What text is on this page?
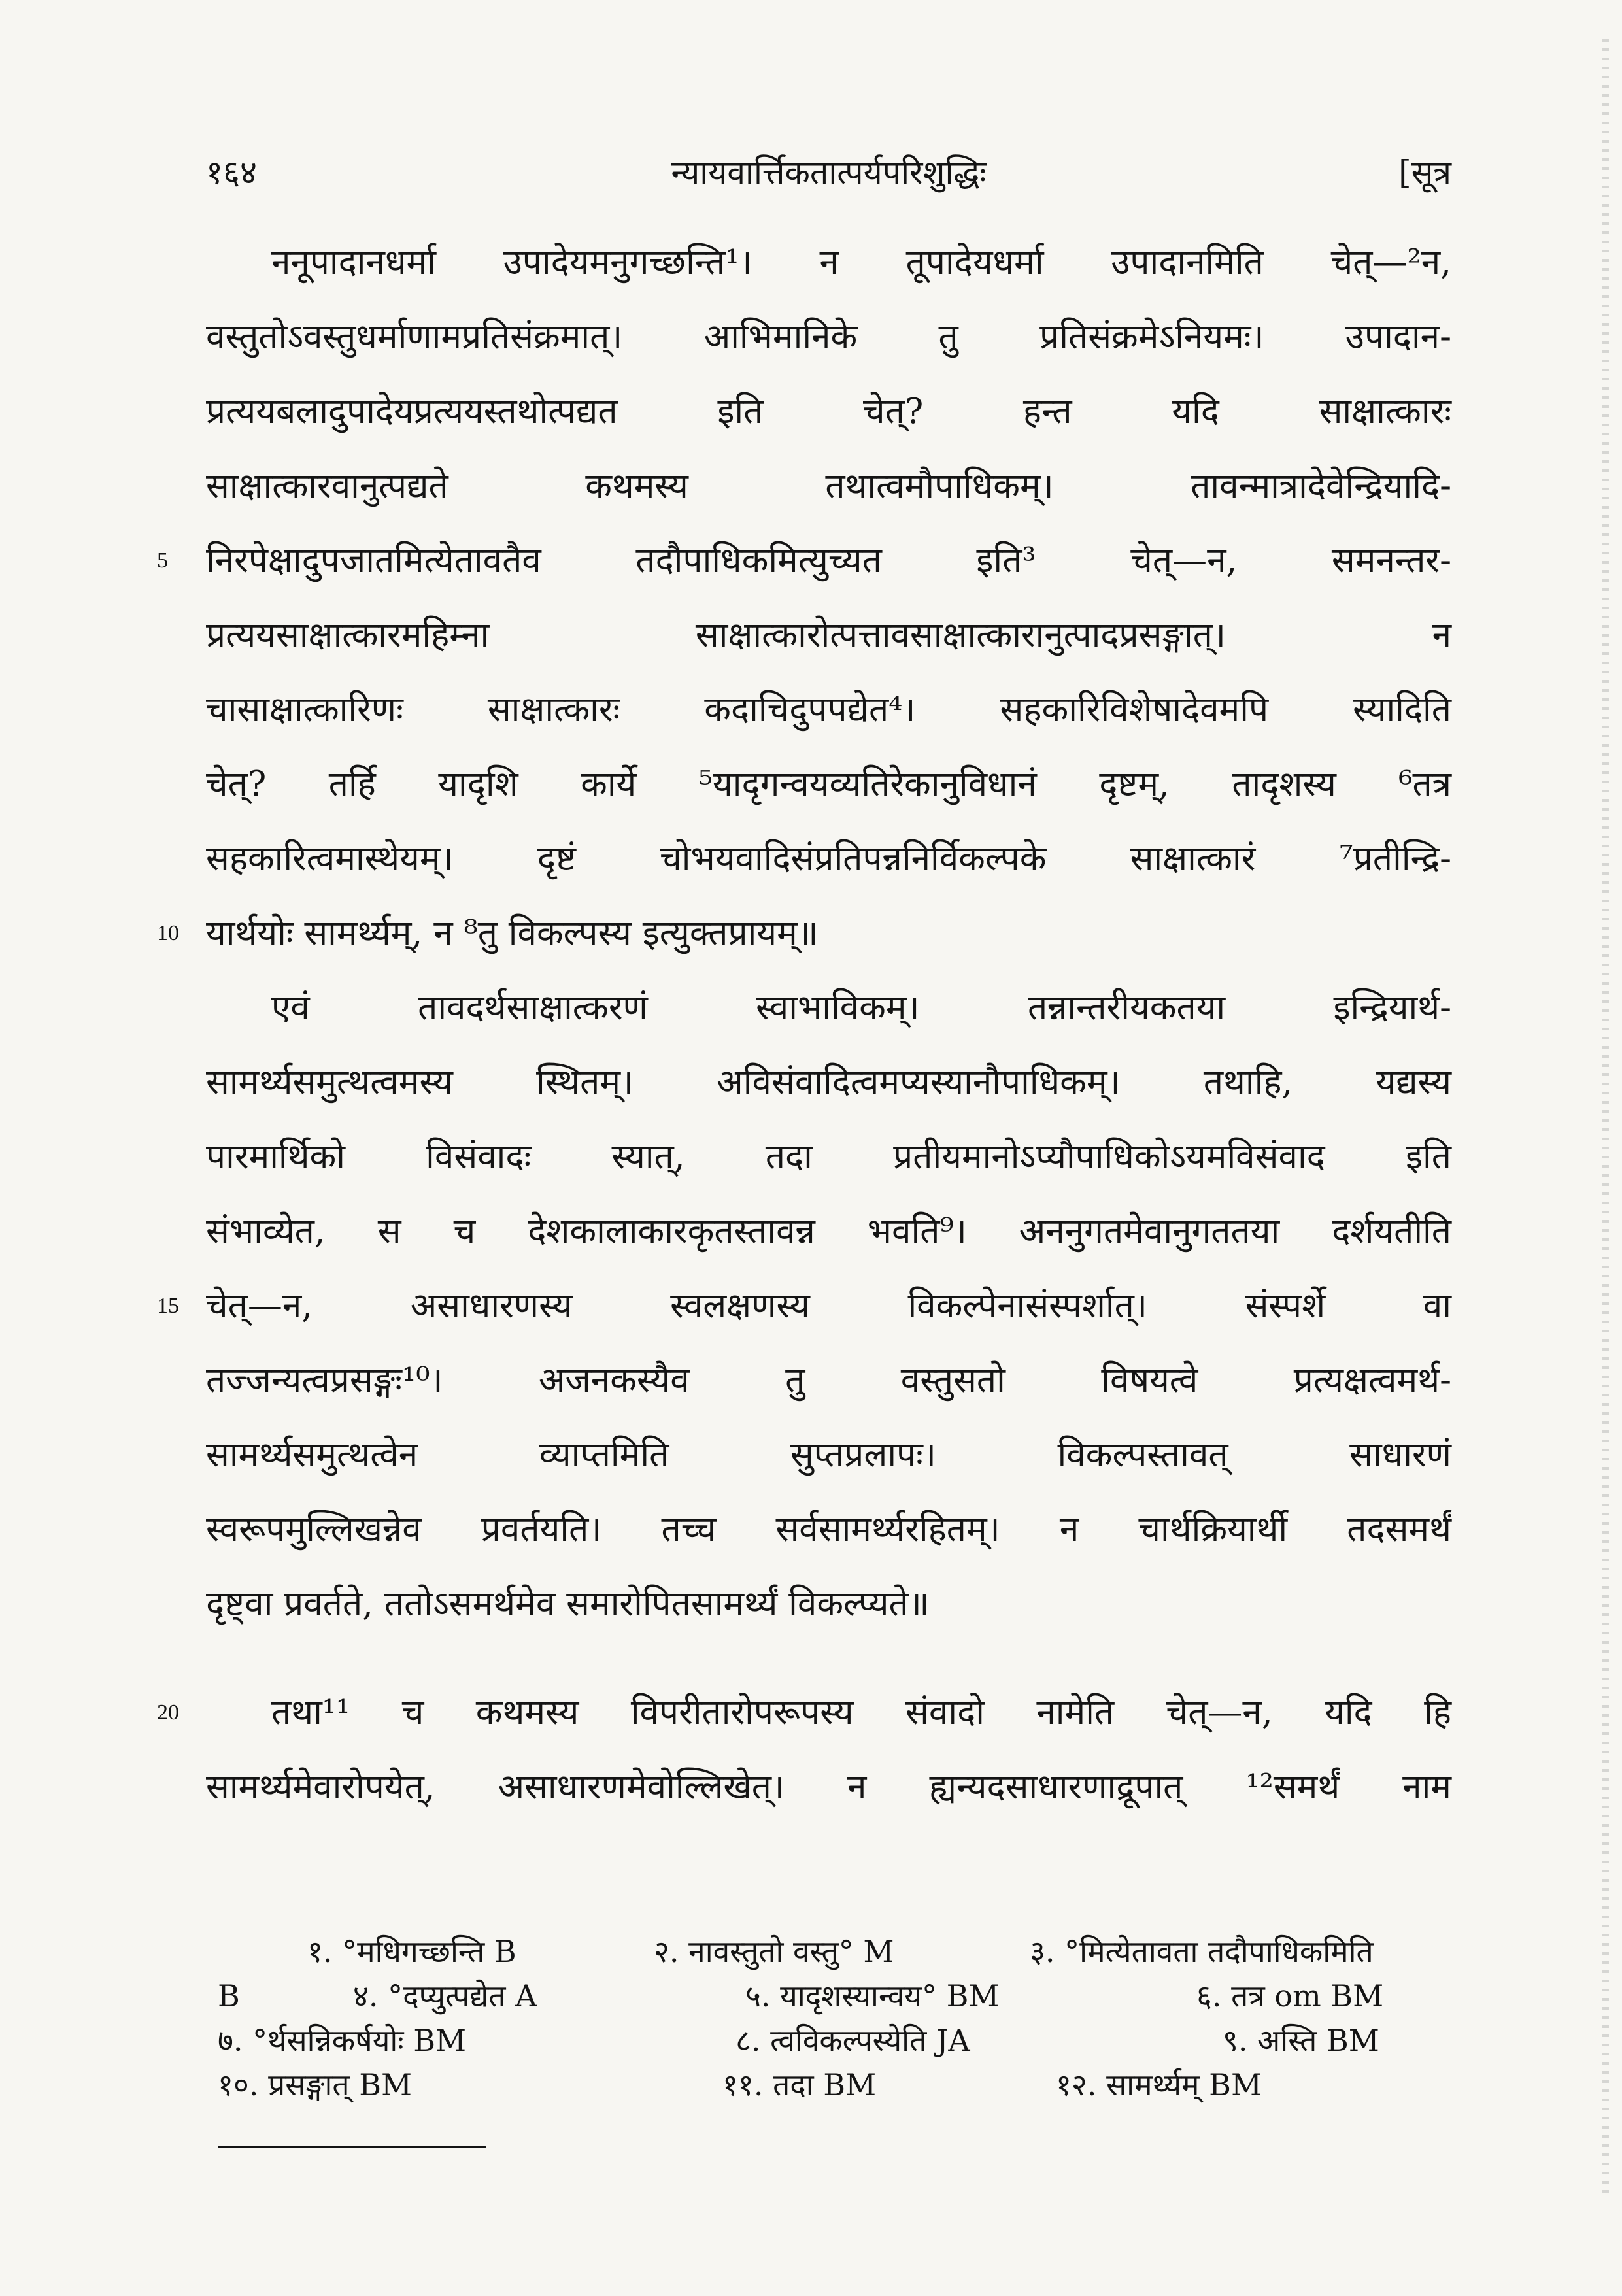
१६४	न्यायवार्त्तिकतात्पर्यपरिशुद्धिः	[सूत्र
ननूपादानधर्मा उपादेयमनुगच्छन्ति¹। न तूपादेयधर्मा उपादानमिति चेत्—²न,
वस्तुतोऽवस्तुधर्माणामप्रतिसंक्रमात्। आभिमानिके तु प्रतिसंक्रमेऽनियमः। उपादान-
प्रत्ययबलादुपादेयप्रत्ययस्तथोत्पद्यत इति चेत्? हन्त यदि साक्षात्कारः
साक्षात्कारवानुत्पद्यते कथमस्य तथात्वमौपाधिकम्। तावन्मात्रादेवेन्द्रियादि-
निरपेक्षादुपजातमित्येतावतैव तदौपाधिकमित्युच्यत इति³ चेत्—न, समनन्तर-
प्रत्ययसाक्षात्कारमहिम्ना साक्षात्कारोत्पत्तावसाक्षात्कारानुत्पादप्रसङ्गात्। न
चासाक्षात्कारिणः साक्षात्कारः कदाचिदुपपद्येत⁴। सहकारिविशेषादेवमपि स्यादिति
चेत्? तर्हि यादृशि कार्ये ⁵यादृगन्वयव्यतिरेकानुविधानं दृष्टम्, तादृशस्य ⁶तत्र
सहकारित्वमास्थेयम्। दृष्टं चोभयवादिसंप्रतिपन्ननिर्विकल्पके साक्षात्कारं ⁷प्रतीन्द्रि-
यार्थयोः सामर्थ्यम्, न ⁸तु विकल्पस्य इत्युक्तप्रायम्॥
एवं तावदर्थसाक्षात्करणं स्वाभाविकम्। तन्नान्तरीयकतया इन्द्रियार्थ-
सामर्थ्यसमुत्थत्वमस्य स्थितम्। अविसंवादित्वमप्यस्यानौपाधिकम्। तथाहि, यद्यस्य
पारमार्थिको विसंवादः स्यात्, तदा प्रतीयमानोऽप्यौपाधिकोऽयमविसंवाद इति
संभाव्येत, स च देशकालाकारकृतस्तावन्न भवति⁹। अननुगतमेवानुगततया दर्शयतीति
चेत्—न, असाधारणस्य स्वलक्षणस्य विकल्पेनासंस्पर्शात्। संस्पर्शे वा
तज्जन्यत्वप्रसङ्गः¹⁰। अजनकस्यैव तु वस्तुसतो विषयत्वे प्रत्यक्षत्वमर्थ-
सामर्थ्यसमुत्थत्वेन व्याप्तमिति सुप्तप्रलापः। विकल्पस्तावत् साधारणं
स्वरूपमुल्लिखन्नेव प्रवर्तयति। तच्च सर्वसामर्थ्यरहितम्। न चार्थक्रियार्थी तदसमर्थं
दृष्ट्वा प्रवर्तते, ततोऽसमर्थमेव समारोपितसामर्थ्यं विकल्प्यते॥
तथा¹¹ च कथमस्य विपरीतारोपरूपस्य संवादो नामेति चेत्—न, यदि हि
सामर्थ्यमेवारोपयेत्, असाधारणमेवोल्लिखेत्। न ह्यन्यदसाधारणाद्रूपात् ¹²समर्थं नाम
5
10
15
20
१. °मधिगच्छन्ति B	२. नावस्तुतो वस्तु° M	३. °मित्येतावता तदौपाधिकमिति
B	४. °दप्युत्पद्येत A	५. यादृशस्यान्वय° BM	६. तत्र om BM
७. °र्थसन्निकर्षयोः BM	८. त्वविकल्पस्येति JA	९. अस्ति BM
१०. प्रसङ्गात् BM	११. तदा BM	१२. सामर्थ्यम् BM
